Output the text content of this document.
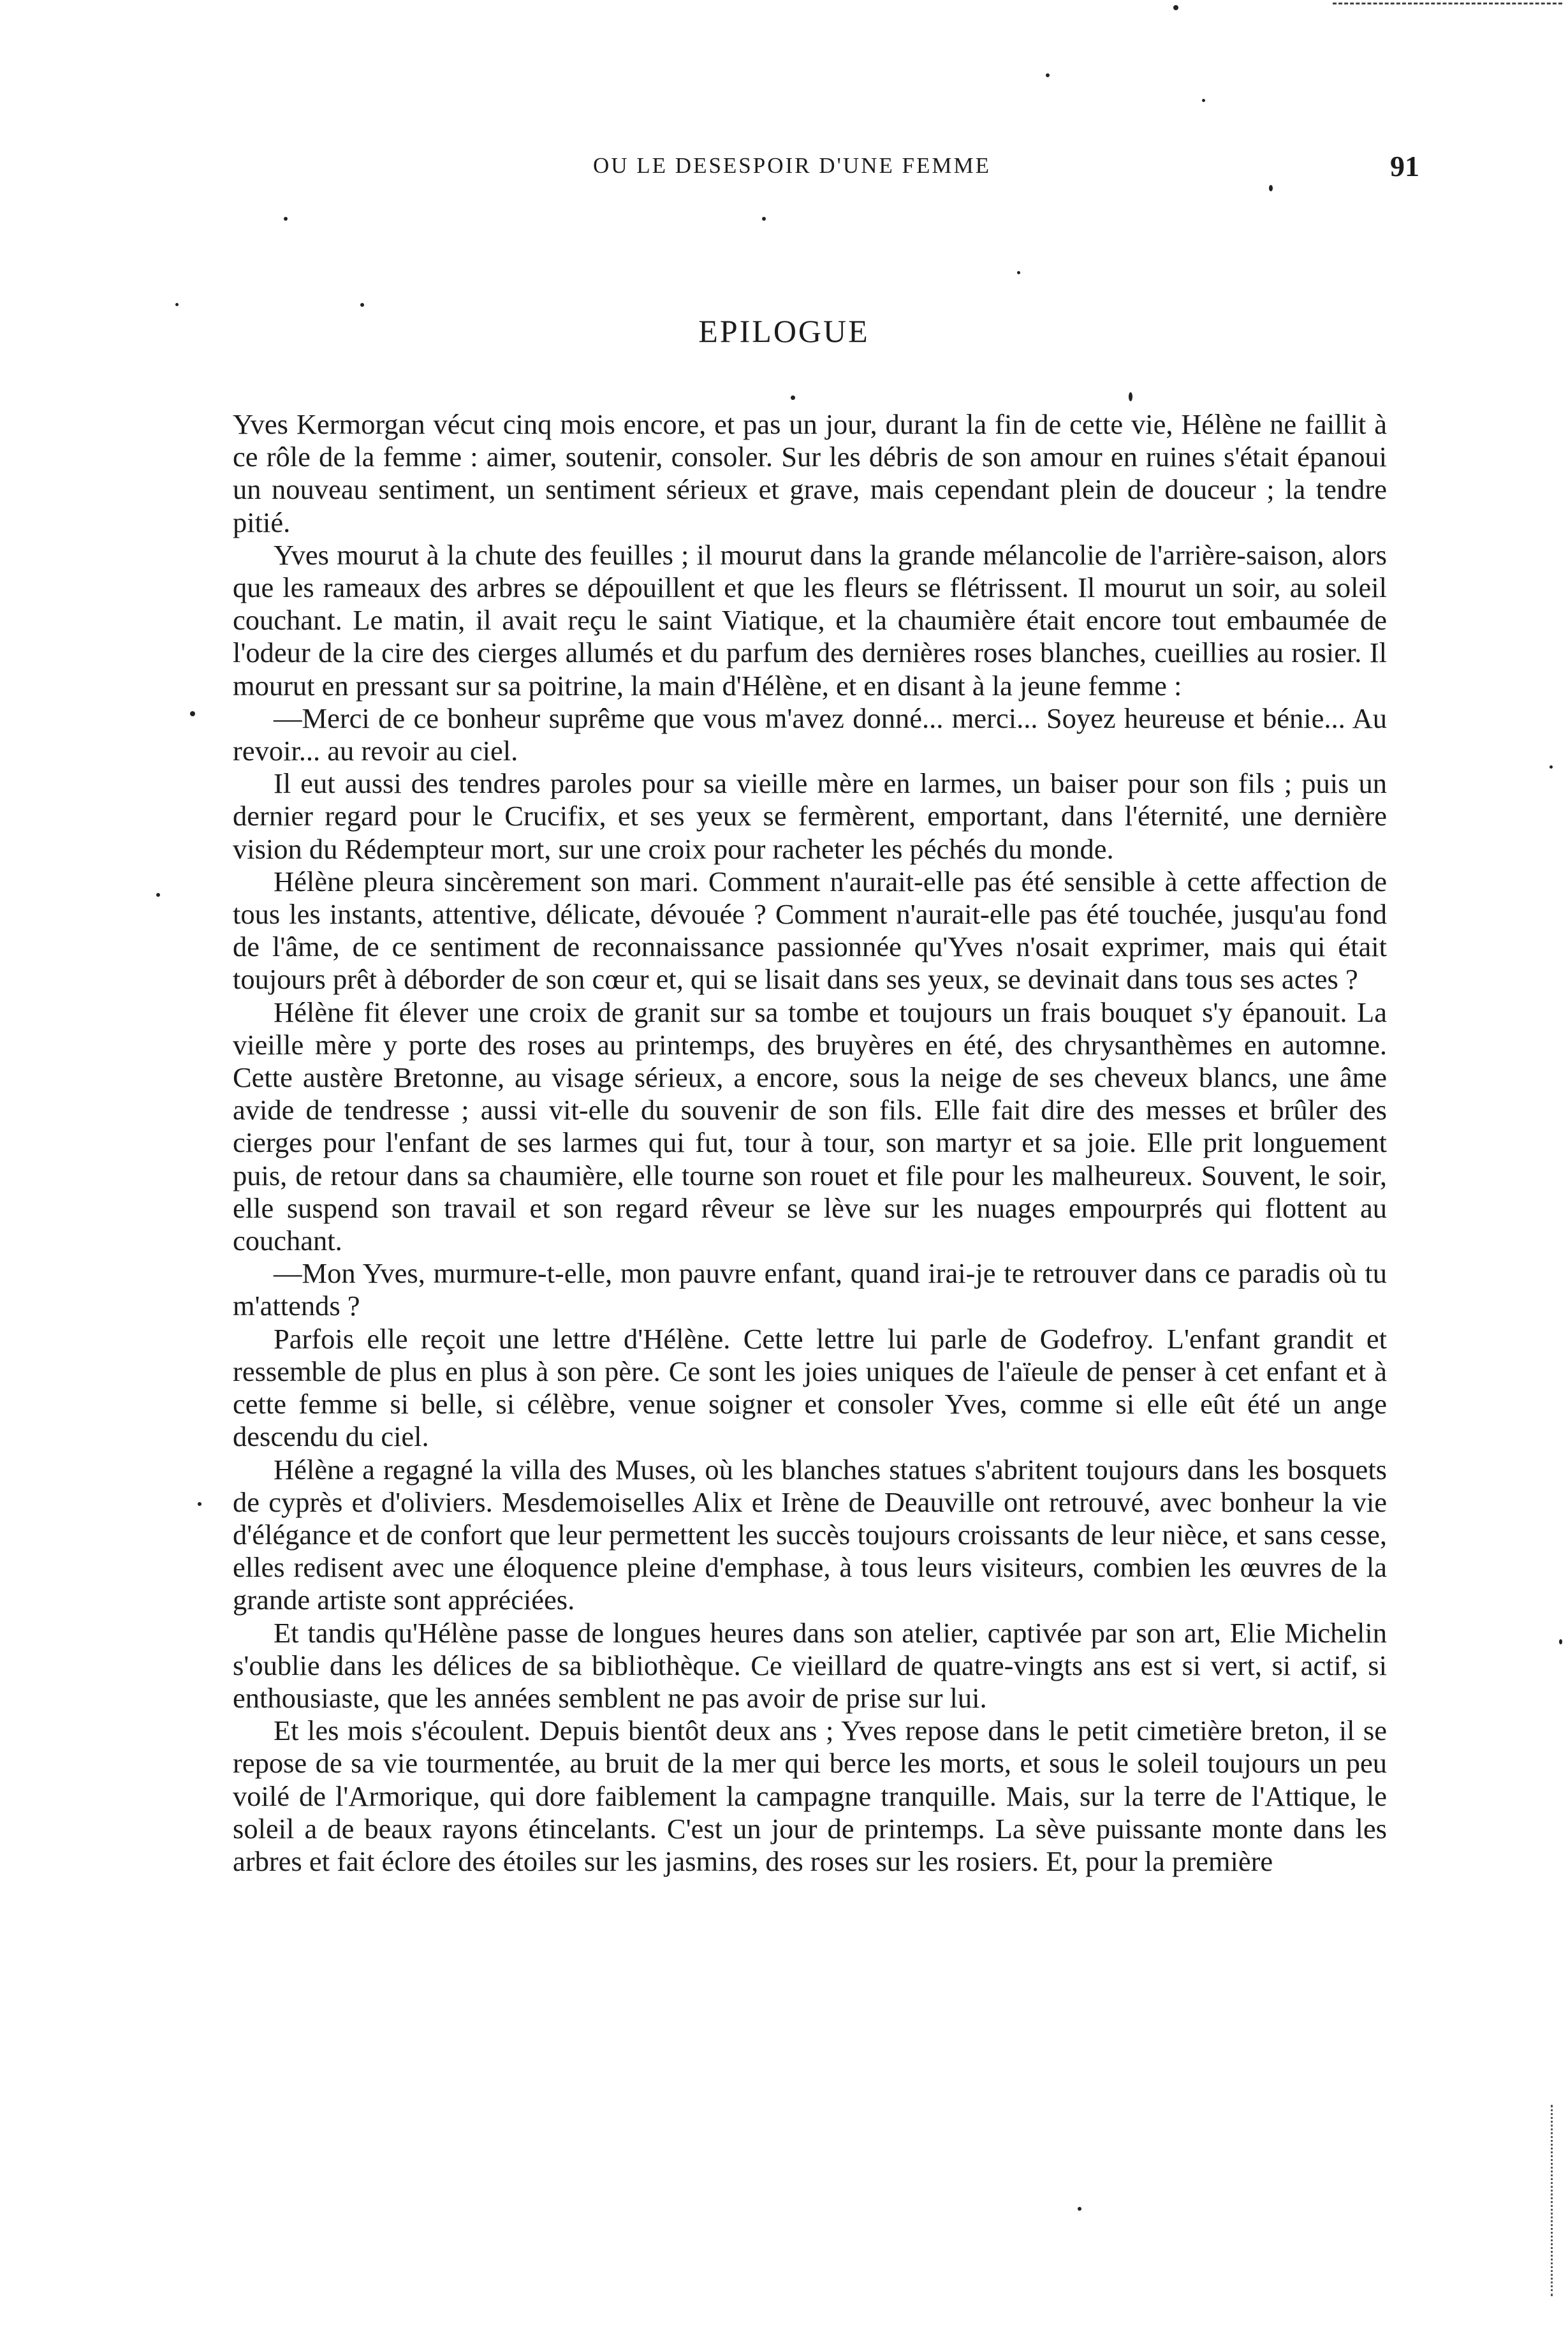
OU LE DESESPOIR D'UNE FEMME	91
EPILOGUE

Yves Kermorgan vécut cinq mois encore, et pas un jour, durant la fin de cette vie, Hélène ne faillit à ce rôle de la femme : aimer, soutenir, consoler. Sur les débris de son amour en ruines s'était épanoui un nouveau sentiment, un sentiment sérieux et grave, mais cependant plein de douceur ; la tendre pitié.

Yves mourut à la chute des feuilles ; il mourut dans la grande mélancolie de l'arrière-saison, alors que les rameaux des arbres se dépouillent et que les fleurs se flétrissent. Il mourut un soir, au soleil couchant. Le matin, il avait reçu le saint Viatique, et la chaumière était encore tout embaumée de l'odeur de la cire des cierges allumés et du parfum des dernières roses blanches, cueillies au rosier. Il mourut en pressant sur sa poitrine, la main d'Hélène, et en disant à la jeune femme :

—Merci de ce bonheur suprême que vous m'avez donné... merci... Soyez heureuse et bénie... Au revoir... au revoir au ciel.

Il eut aussi des tendres paroles pour sa vieille mère en larmes, un baiser pour son fils ; puis un dernier regard pour le Crucifix, et ses yeux se fermèrent, emportant, dans l'éternité, une dernière vision du Rédempteur mort, sur une croix pour racheter les péchés du monde.

Hélène pleura sincèrement son mari. Comment n'aurait-elle pas été sensible à cette affection de tous les instants, attentive, délicate, dévouée ? Comment n'aurait-elle pas été touchée, jusqu'au fond de l'âme, de ce sentiment de reconnaissance passionnée qu'Yves n'osait exprimer, mais qui était toujours prêt à déborder de son cœur et, qui se lisait dans ses yeux, se devinait dans tous ses actes ?

Hélène fit élever une croix de granit sur sa tombe et toujours un frais bouquet s'y épanouit. La vieille mère y porte des roses au printemps, des bruyères en été, des chrysanthèmes en automne. Cette austère Bretonne, au visage sérieux, a encore, sous la neige de ses cheveux blancs, une âme avide de tendresse ; aussi vit-elle du souvenir de son fils. Elle fait dire des messes et brûler des cierges pour l'enfant de ses larmes qui fut, tour à tour, son martyr et sa joie. Elle prit longuement puis, de retour dans sa chaumière, elle tourne son rouet et file pour les malheureux. Souvent, le soir, elle suspend son travail et son regard rêveur se lève sur les nuages empourprés qui flottent au couchant.

—Mon Yves, murmure-t-elle, mon pauvre enfant, quand irai-je te retrouver dans ce paradis où tu m'attends ?

Parfois elle reçoit une lettre d'Hélène. Cette lettre lui parle de Godefroy. L'enfant grandit et ressemble de plus en plus à son père. Ce sont les joies uniques de l'aïeule de penser à cet enfant et à cette femme si belle, si célèbre, venue soigner et consoler Yves, comme si elle eût été un ange descendu du ciel.

Hélène a regagné la villa des Muses, où les blanches statues s'abritent toujours dans les bosquets de cyprès et d'oliviers. Mesdemoiselles Alix et Irène de Deauville ont retrouvé, avec bonheur la vie d'élégance et de confort que leur permettent les succès toujours croissants de leur nièce, et sans cesse, elles redisent avec une éloquence pleine d'emphase, à tous leurs visiteurs, combien les œuvres de la grande artiste sont appréciées.

Et tandis qu'Hélène passe de longues heures dans son atelier, captivée par son art, Elie Michelin s'oublie dans les délices de sa bibliothèque. Ce vieillard de quatre-vingts ans est si vert, si actif, si enthousiaste, que les années semblent ne pas avoir de prise sur lui.

Et les mois s'écoulent. Depuis bientôt deux ans ; Yves repose dans le petit cimetière breton, il se repose de sa vie tourmentée, au bruit de la mer qui berce les morts, et sous le soleil toujours un peu voilé de l'Armorique, qui dore faiblement la campagne tranquille. Mais, sur la terre de l'Attique, le soleil a de beaux rayons étincelants. C'est un jour de printemps. La sève puissante monte dans les arbres et fait éclore des étoiles sur les jasmins, des roses sur les rosiers. Et, pour la première
